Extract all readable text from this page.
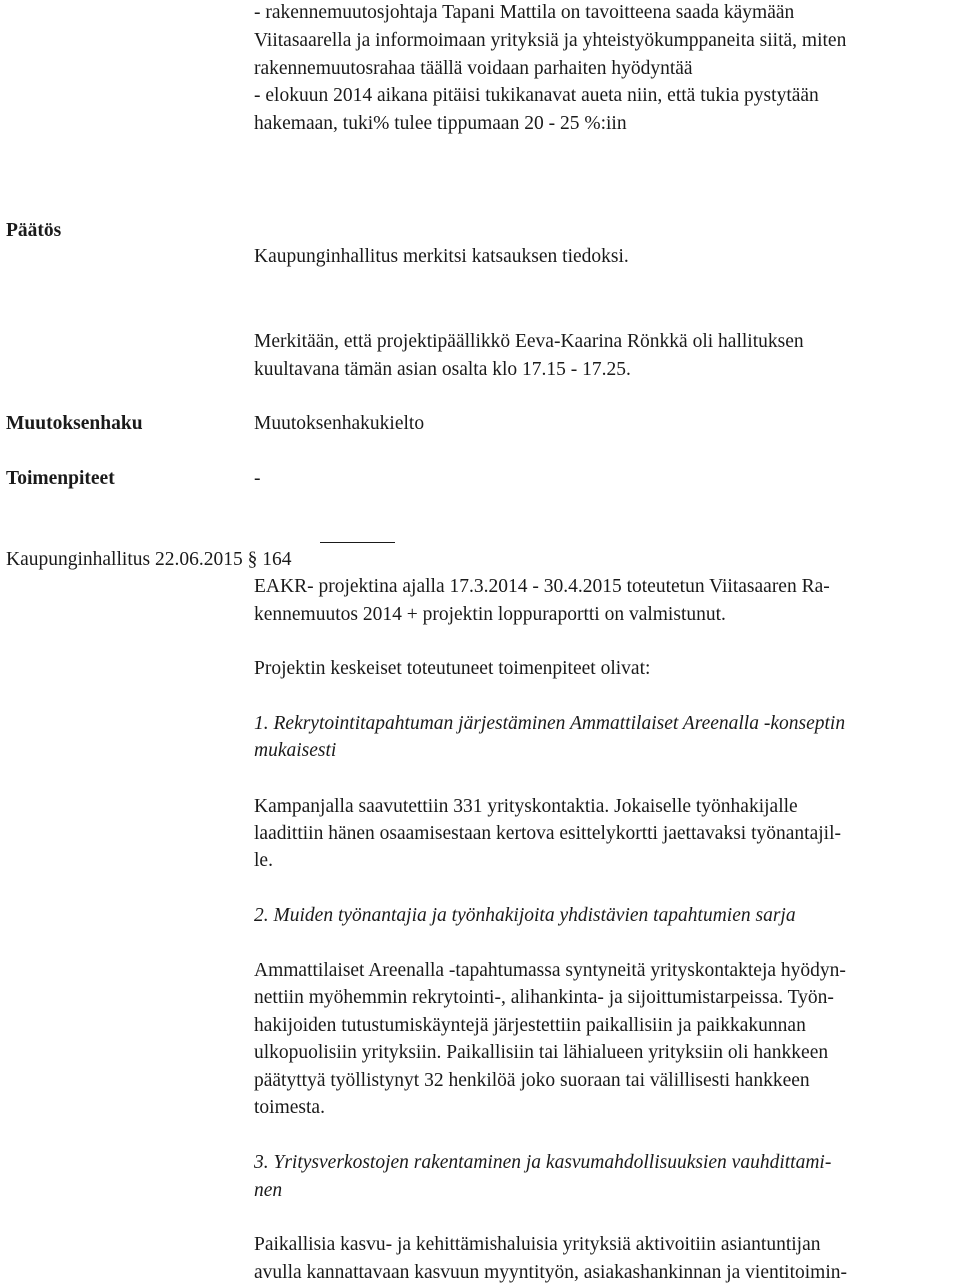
- rakennemuutosjohtaja Tapani Mattila on tavoitteena saada käymään
Viitasaarella ja informoimaan yrityksiä ja yhteistyökumppaneita siitä, miten
rakennemuutosrahaa täällä voidaan parhaiten hyödyntää
- elokuun 2014 aikana pitäisi tukikanavat aueta niin, että tukia pystytään
hakemaan, tuki% tulee tippumaan 20 - 25 %:iin
Päätös
Kaupunginhallitus merkitsi katsauksen tiedoksi.
Merkitään, että projektipäällikkö Eeva-Kaarina Rönkkä oli hallituksen
kuultavana tämän asian osalta klo 17.15 - 17.25.
Muutoksenhaku	Muutoksenhakukielto
Toimenpiteet	-
Kaupunginhallitus 22.06.2015 § 164
EAKR- projektina ajalla 17.3.2014 - 30.4.2015 toteutetun Viitasaaren Ra-
kennemuutos 2014 + projektin loppuraportti on valmistunut.
Projektin keskeiset toteutuneet toimenpiteet olivat:
1. Rekrytointitapahtuman järjestäminen Ammattilaiset Areenalla -konseptin
mukaisesti
Kampanjalla saavutettiin 331 yrityskontaktia. Jokaiselle työnhakijalle
laadittiin hänen osaamisestaan kertova esittelykortti jaettavaksi työnantajil-
le.
2. Muiden työnantajia ja työnhakijoita yhdistävien tapahtumien sarja
Ammattilaiset Areenalla -tapahtumassa syntyneitä yrityskontakteja hyödyn-
nettiin myöhemmin rekrytointi-, alihankinta- ja sijoittumistarpeissa. Työn-
hakijoiden tutustumiskäyntejä järjestettiin paikallisiin ja paikkakunnan
ulkopuolisiin yrityksiin. Paikallisiin tai lähialueen yrityksiin oli hankkeen
päätyttyä työllistynyt 32 henkilöä joko suoraan tai välillisesti hankkeen
toimesta.
3. Yritysverkostojen rakentaminen ja kasvumahdollisuuksien vauhdittami-
nen
Paikallisia kasvu- ja kehittämishaluisia yrityksiä aktivoitiin asiantuntijan
avulla kannattavaan kasvuun myyntityön, asiakashankinnan ja vientitoimin-
